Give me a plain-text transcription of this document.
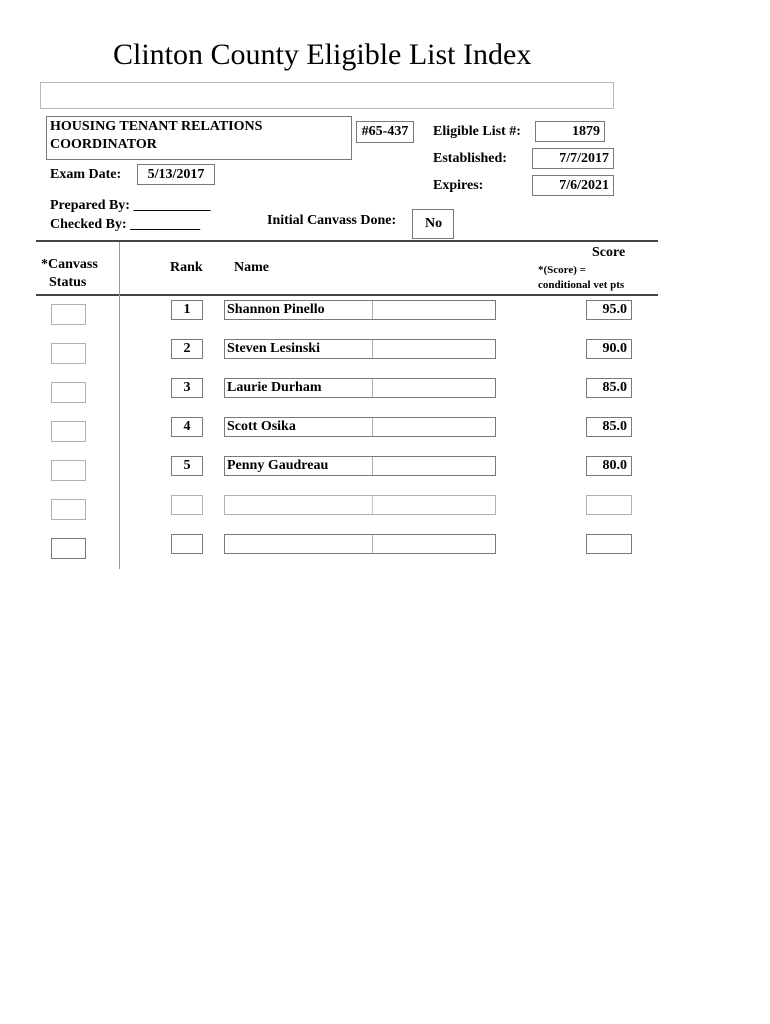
Clinton County Eligible List Index
HOUSING TENANT RELATIONS COORDINATOR
#65-437	Eligible List #:	1879
Established:	7/7/2017
Expires:	7/6/2021
Exam Date:	5/13/2017
Prepared By: ___________
Checked By: __________	Initial Canvass Done:	No
*Canvass
Status
Rank Name
Score
*(Score) =
conditional vet pts
1	Shannon Pinello	95.0
2	Steven Lesinski	90.0
3	Laurie Durham	85.0
4	Scott Osika	85.0
5	Penny Gaudreau	80.0
